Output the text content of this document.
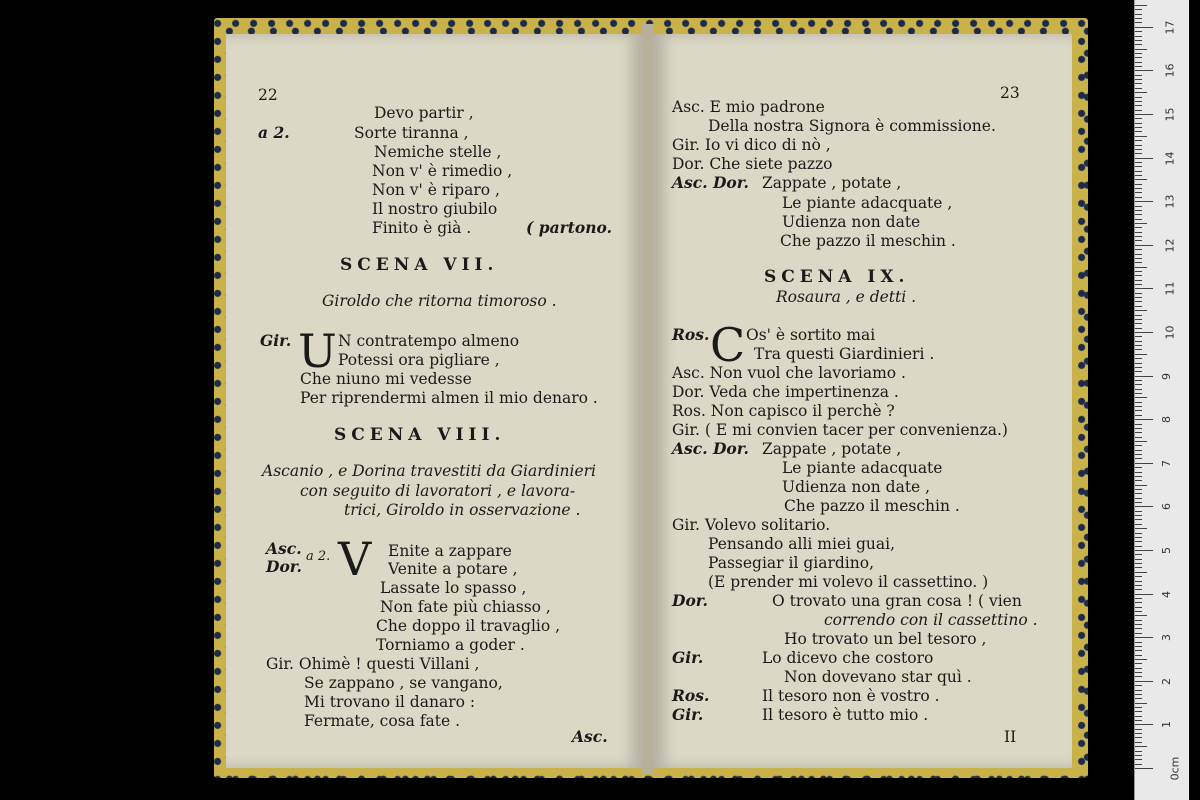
22
Devo partir ,
a 2.	Sorte tiranna ,
Nemiche stelle ,
Non v' è rimedio ,
Non v' è riparo ,
Il nostro giubilo
Finito è già .	( partono.
SCENA VII.
Giroldo che ritorna timoroso .
Gir. U N contratempo almeno
Potessi ora pigliare ,
Che niuno mi vedesse
Per riprendermi almen il mio denaro .
SCENA VIII.
Ascanio , e Dorina travestiti da Giardinieri
con seguito di lavoratori , e lavora-
trici, Giroldo in osservazione .
Asc.
Dor.
a 2. V Enite a zappare
Venite a potare ,
Lassate lo spasso ,
Non fate più chiasso ,
Che doppo il travaglio ,
Torniamo a goder .
Gir. Ohimè ! questi Villani ,
Se zappano , se vangano,
Mi trovano il danaro :
Fermate, cosa fate .
Asc.
23
Asc. E mio padrone
Della nostra Signora è commissione.
Gir. Io vi dico di nò ,
Dor. Che siete pazzo
Asc. Dor. Zappate , potate ,
Le piante adacquate ,
Udienza non date
Che pazzo il meschin .
SCENA IX.
Rosaura , e detti .
Ros. C Os' è sortito mai
Tra questi Giardinieri .
Asc. Non vuol che lavoriamo .
Dor. Veda che impertinenza .
Ros. Non capisco il perchè ?
Gir. ( E mi convien tacer per convenienza.)
Asc. Dor. Zappate , potate ,
Le piante adacquate
Udienza non date ,
Che pazzo il meschin .
Gir. Volevo solitario.
Pensando alli miei guai,
Passegiar il giardino,
(E prender mi volevo il cassettino. )
Dor.	O trovato una gran cosa ! ( vien
correndo con il cassettino .
Ho trovato un bel tesoro ,
Gir.	Lo dicevo che costoro
Non dovevano star quì .
Ros.	Il tesoro non è vostro .
Gir.	Il tesoro è tutto mio .
II
0cm
1
2
3
4
5
6
7
8
9
10
11
12
13
14
15
16
17
